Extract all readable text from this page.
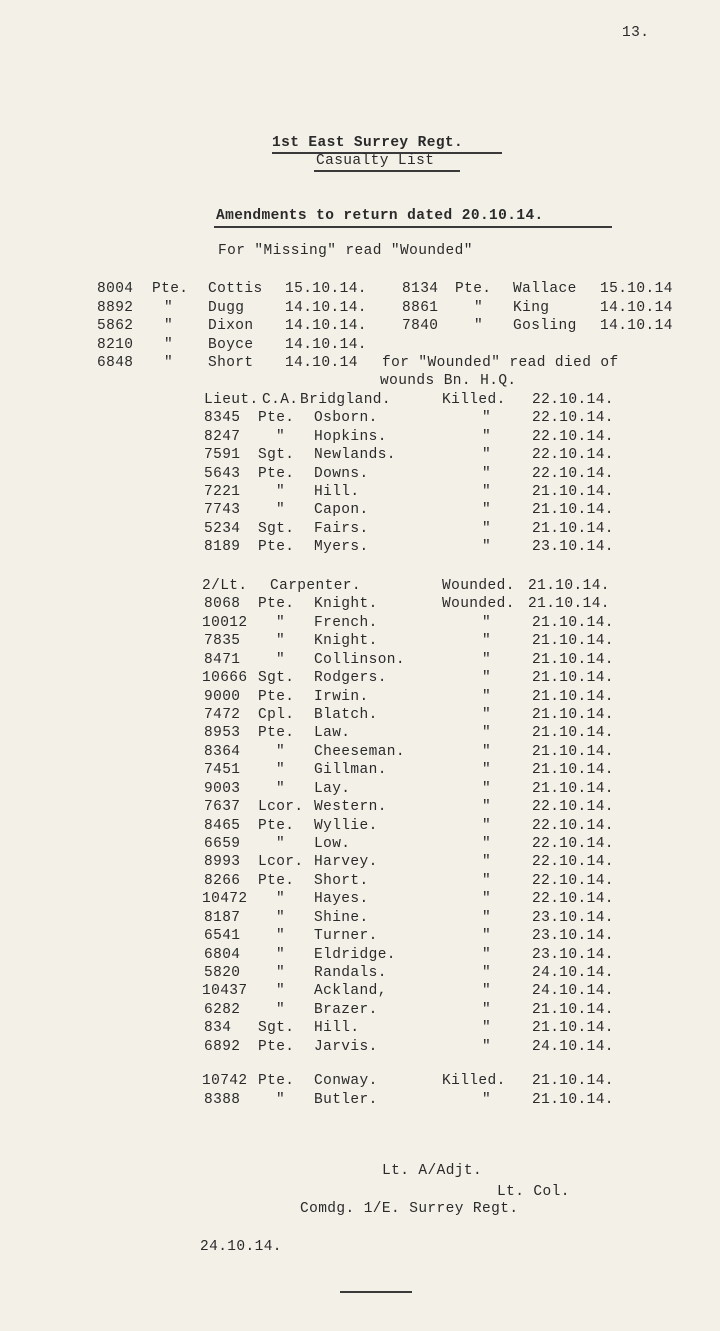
13.
1st East Surrey Regt.
Casualty List
Amendments to return dated 20.10.14.
For "Missing" read "Wounded"
8004 Pte. Cottis 15.10.14.
8892 " Dugg	14.10.14.
5862 " Dixon 14.10.14.
8210 " Boyce 14.10.14.
6848 " Short 14.10.14
8134 Pte. Wallace 15.10.14
8861 " King	14.10.14
7840 " Gosling 14.10.14
for "Wounded" read died of
wounds Bn. H.Q.
Lieut. C.A. Bridgland.	Killed. 22.10.14.
8345 Pte. Osborn.	"	22.10.14.
8247 " Hopkins.	"	22.10.14.
7591 Sgt. Newlands.	"	22.10.14.
5643 Pte. Downs.	"	22.10.14.
7221 " Hill.	"	21.10.14.
7743 " Capon.	"	21.10.14.
5234 Sgt. Fairs.	"	21.10.14.
8189 Pte. Myers.	"	23.10.14.
2/Lt. Carpenter.	Wounded. 21.10.14.
8068 Pte. Knight.	Wounded. 21.10.14.
10012 " French.	"	21.10.14.
7835 " Knight.	"	21.10.14.
8471 " Collinson.	"	21.10.14.
10666 Sgt. Rodgers.	"	21.10.14.
9000 Pte. Irwin.	"	21.10.14.
7472 Cpl. Blatch.	"	21.10.14.
8953 Pte. Law.	"	21.10.14.
8364 " Cheeseman.	"	21.10.14.
7451 " Gillman.	"	21.10.14.
9003 " Lay.	"	21.10.14.
7637 Lcor. Western.	"	22.10.14.
8465 Pte. Wyllie.	"	22.10.14.
6659 " Low.	"	22.10.14.
8993 Lcor. Harvey.	"	22.10.14.
8266 Pte. Short.	"	22.10.14.
10472 " Hayes.	"	22.10.14.
8187 " Shine.	"	23.10.14.
6541 " Turner.	"	23.10.14.
6804 " Eldridge.	"	23.10.14.
5820 " Randals.	"	24.10.14.
10437 " Ackland,	"	24.10.14.
6282 " Brazer.	"	21.10.14.
834 Sgt. Hill.	"	21.10.14.
6892 Pte. Jarvis.	"	24.10.14.
10742 Pte. Conway.	Killed. 21.10.14.
8388 " Butler.	"	21.10.14.
Lt. A/Adjt.
Lt. Col.
Comdg. 1/E. Surrey Regt.
24.10.14.
